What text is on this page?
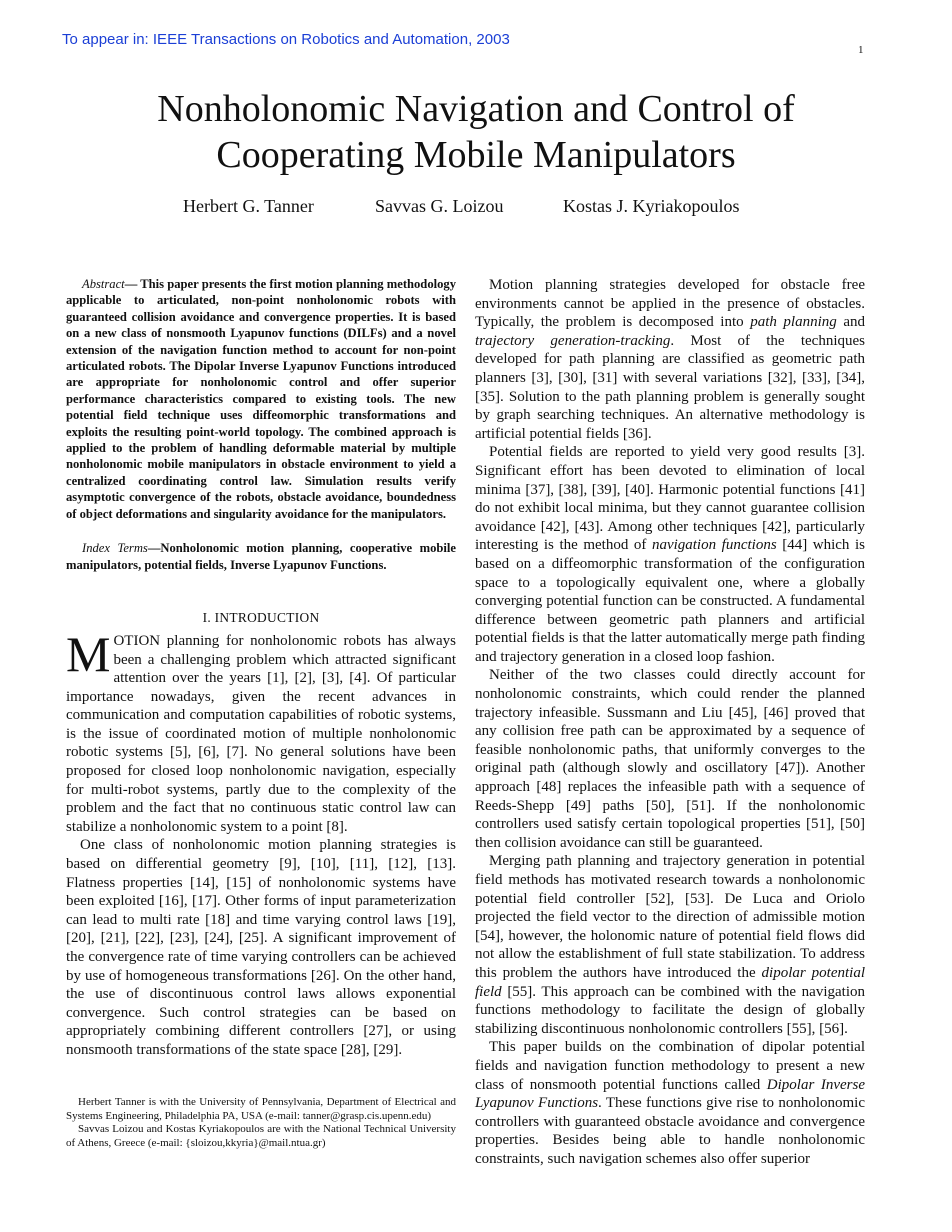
To appear in: IEEE Transactions on Robotics and Automation, 2003
1
Nonholonomic Navigation and Control of
Cooperating Mobile Manipulators
Herbert G. Tanner	Savvas G. Loizou	Kostas J. Kyriakopoulos

Abstract— This paper presents the first motion planning methodology applicable to articulated, non-point nonholonomic robots with guaranteed collision avoidance and convergence properties. It is based on a new class of nonsmooth Lyapunov functions (DILFs) and a novel extension of the navigation function method to account for non-point articulated robots. The Dipolar Inverse Lyapunov Functions introduced are appropriate for nonholonomic control and offer superior performance characteristics compared to existing tools. The new potential field technique uses diffeomorphic transformations and exploits the resulting point-world topology. The combined approach is applied to the problem of handling deformable material by multiple nonholonomic mobile manipulators in obstacle environment to yield a centralized coordinating control law. Simulation results verify asymptotic convergence of the robots, obstacle avoidance, boundedness of object deformations and singularity avoidance for the manipulators.

Index Terms—Nonholonomic motion planning, cooperative mobile manipulators, potential fields, Inverse Lyapunov Functions.

I. INTRODUCTION

MOTION planning for nonholonomic robots has always been a challenging problem which attracted significant attention over the years [1], [2], [3], [4]. Of particular importance nowadays, given the recent advances in communication and computation capabilities of robotic systems, is the issue of coordinated motion of multiple nonholonomic robotic systems [5], [6], [7]. No general solutions have been proposed for closed loop nonholonomic navigation, especially for multi-robot systems, partly due to the complexity of the problem and the fact that no continuous static control law can stabilize a nonholonomic system to a point [8].

One class of nonholonomic motion planning strategies is based on differential geometry [9], [10], [11], [12], [13]. Flatness properties [14], [15] of nonholonomic systems have been exploited [16], [17]. Other forms of input parameterization can lead to multi rate [18] and time varying control laws [19], [20], [21], [22], [23], [24], [25]. A significant improvement of the convergence rate of time varying controllers can be achieved by use of homogeneous transformations [26]. On the other hand, the use of discontinuous control laws allows exponential convergence. Such control strategies can be based on appropriately combining different controllers [27], or using nonsmooth transformations of the state space [28], [29].

Herbert Tanner is with the University of Pennsylvania, Department of Electrical and Systems Engineering, Philadelphia PA, USA (e-mail: tanner@grasp.cis.upenn.edu)

Savvas Loizou and Kostas Kyriakopoulos are with the National Technical University of Athens, Greece (e-mail: {sloizou,kkyria}@mail.ntua.gr)

Motion planning strategies developed for obstacle free environments cannot be applied in the presence of obstacles. Typically, the problem is decomposed into path planning and trajectory generation-tracking. Most of the techniques developed for path planning are classified as geometric path planners [3], [30], [31] with several variations [32], [33], [34], [35]. Solution to the path planning problem is generally sought by graph searching techniques. An alternative methodology is artificial potential fields [36].

Potential fields are reported to yield very good results [3]. Significant effort has been devoted to elimination of local minima [37], [38], [39], [40]. Harmonic potential functions [41] do not exhibit local minima, but they cannot guarantee collision avoidance [42], [43]. Among other techniques [42], particularly interesting is the method of navigation functions [44] which is based on a diffeomorphic transformation of the configuration space to a topologically equivalent one, where a globally converging potential function can be constructed. A fundamental difference between geometric path planners and artificial potential fields is that the latter automatically merge path finding and trajectory generation in a closed loop fashion.

Neither of the two classes could directly account for nonholonomic constraints, which could render the planned trajectory infeasible. Sussmann and Liu [45], [46] proved that any collision free path can be approximated by a sequence of feasible nonholonomic paths, that uniformly converges to the original path (although slowly and oscillatory [47]). Another approach [48] replaces the infeasible path with a sequence of Reeds-Shepp [49] paths [50], [51]. If the nonholonomic controllers used satisfy certain topological properties [51], [50] then collision avoidance can still be guaranteed.

Merging path planning and trajectory generation in potential field methods has motivated research towards a nonholonomic potential field controller [52], [53]. De Luca and Oriolo projected the field vector to the direction of admissible motion [54], however, the holonomic nature of potential field flows did not allow the establishment of full state stabilization. To address this problem the authors have introduced the dipolar potential field [55]. This approach can be combined with the navigation functions methodology to facilitate the design of globally stabilizing discontinuous nonholonomic controllers [55], [56].

This paper builds on the combination of dipolar potential fields and navigation function methodology to present a new class of nonsmooth potential functions called Dipolar Inverse Lyapunov Functions. These functions give rise to nonholonomic controllers with guaranteed obstacle avoidance and convergence properties. Besides being able to handle nonholonomic constraints, such navigation schemes also offer superior
